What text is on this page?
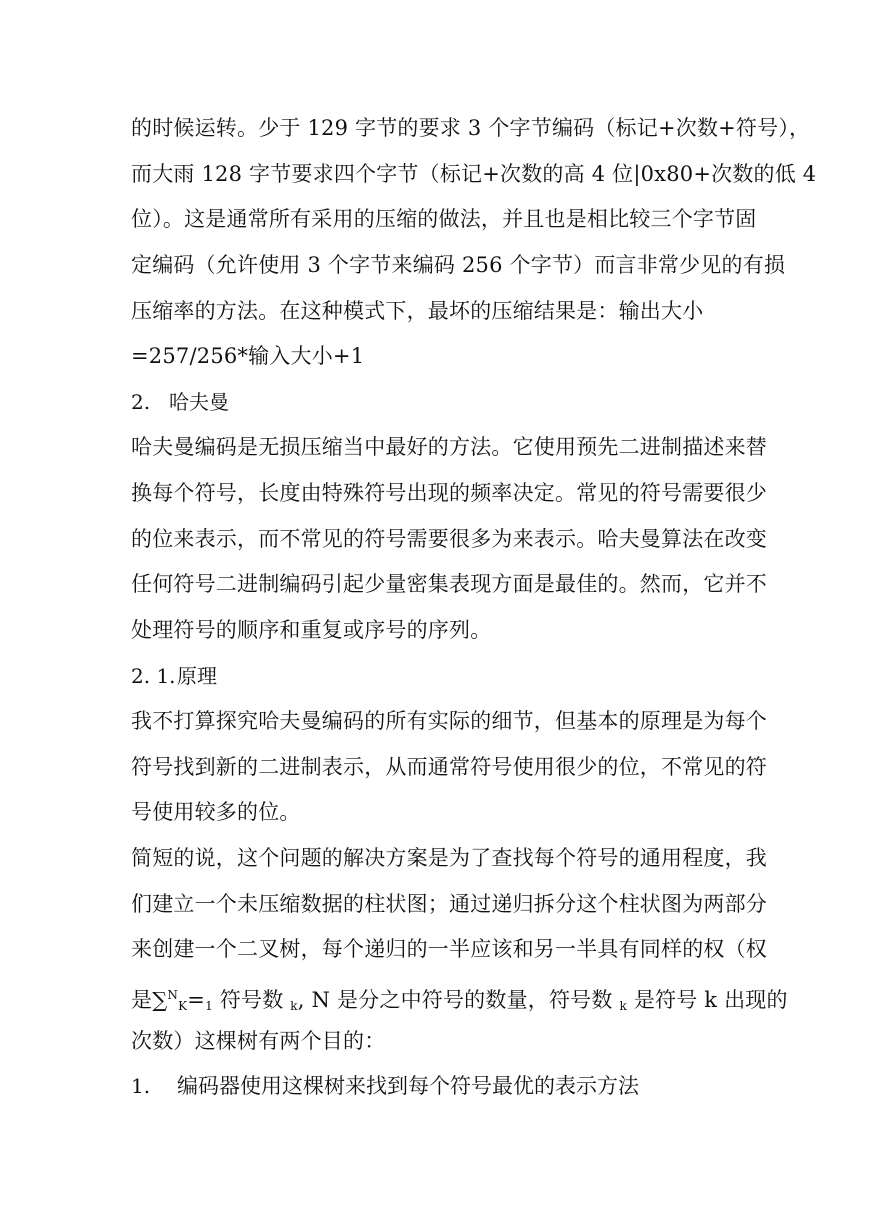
的时候运转。少于 129 字节的要求 3 个字节编码（标记+次数+符号），
而大雨 128 字节要求四个字节（标记+次数的高 4 位|0x80+次数的低 4
位）。这是通常所有采用的压缩的做法，并且也是相比较三个字节固
定编码（允许使用 3 个字节来编码 256 个字节）而言非常少见的有损
压缩率的方法。在这种模式下，最坏的压缩结果是：输出大小
=257/256*输入大小+1
2. 哈夫曼
哈夫曼编码是无损压缩当中最好的方法。它使用预先二进制描述来替
换每个符号，长度由特殊符号出现的频率决定。常见的符号需要很少
的位来表示，而不常见的符号需要很多为来表示。哈夫曼算法在改变
任何符号二进制编码引起少量密集表现方面是最佳的。然而，它并不
处理符号的顺序和重复或序号的序列。
2. 1.原理
我不打算探究哈夫曼编码的所有实际的细节，但基本的原理是为每个
符号找到新的二进制表示，从而通常符号使用很少的位，不常见的符
号使用较多的位。
简短的说，这个问题的解决方案是为了查找每个符号的通用程度，我
们建立一个未压缩数据的柱状图；通过递归拆分这个柱状图为两部分
来创建一个二叉树，每个递归的一半应该和另一半具有同样的权（权
是$\sum^N_K=_1$ 符号数 $_k$, N 是分之中符号的数量，符号数 $_k$ 是符号 k 出现的
次数）这棵树有两个目的：
1. 编码器使用这棵树来找到每个符号最优的表示方法
